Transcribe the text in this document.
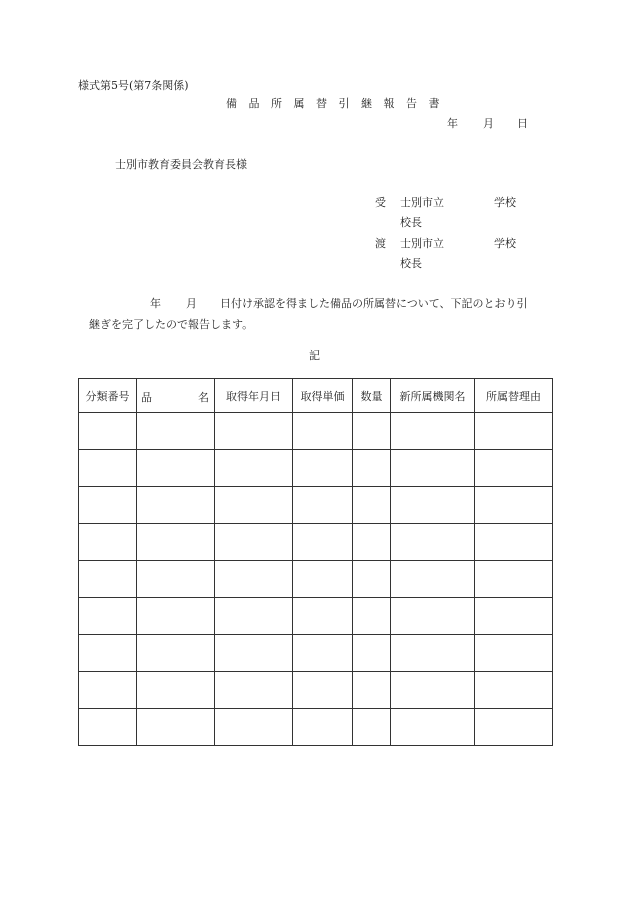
様式第5号(第7条関係)
備 品 所 属 替 引 継 報 告 書
年 月 日
士別市教育委員会教育長様
受 士別市立	学校
校長
渡 士別市立	学校
校長
年 月 日付け承認を得ました備品の所属替について、下記のとおり引
継ぎを完了したので報告します。
記
分類番号	品 名	取得年月日	取得単価	数量	新所属機関名	所属替理由
